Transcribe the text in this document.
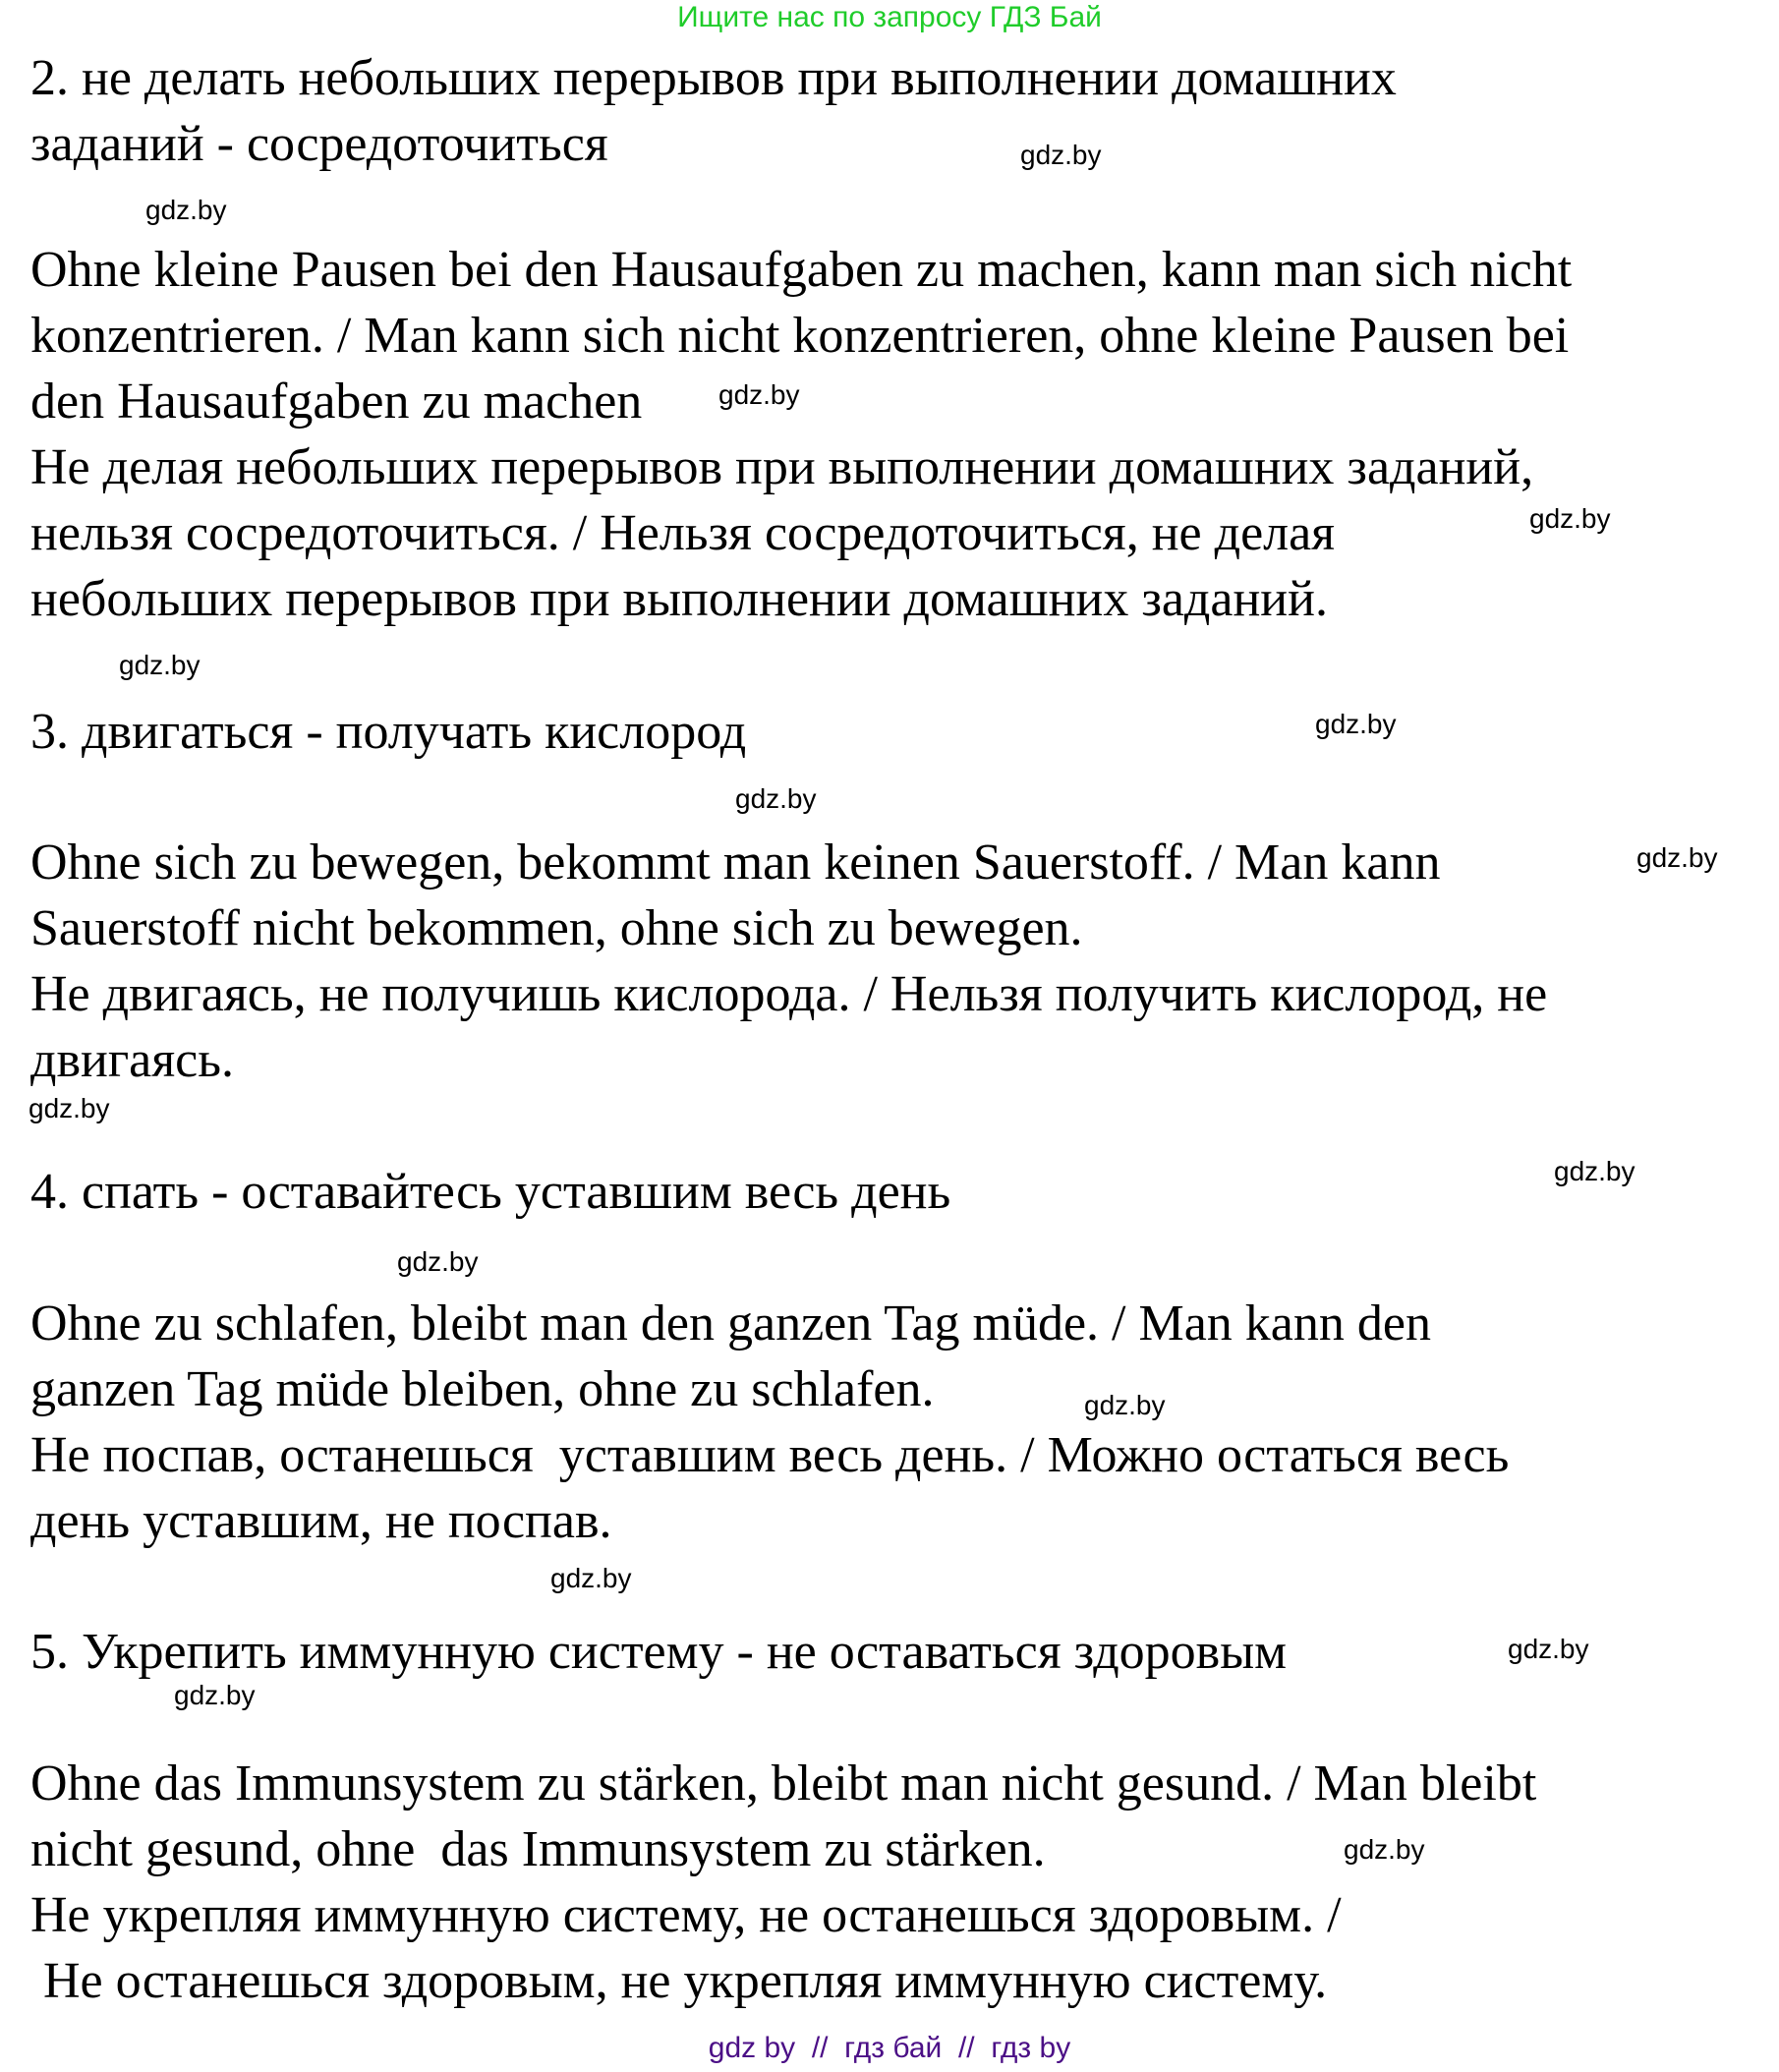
Ищите нас по запросу ГДЗ Бай
2. не делать небольших перерывов при выполнении домашних
заданий - сосредоточиться	gdz.by
gdz.by
Ohne kleine Pausen bei den Hausaufgaben zu machen, kann man sich nicht
konzentrieren. / Man kann sich nicht konzentrieren, ohne kleine Pausen bei
den Hausaufgaben zu machen	gdz.by
Не делая небольших перерывов при выполнении домашних заданий,
нельзя сосредоточиться. / Нельзя сосредоточиться, не делая	gdz.by
небольших перерывов при выполнении домашних заданий.
gdz.by
gdz.by
3. двигаться - получать кислород
gdz.by
Ohne sich zu bewegen, bekommt man keinen Sauerstoff. / Man kann	gdz.by
Sauerstoff nicht bekommen, ohne sich zu bewegen.
Не двигаясь, не получишь кислорода. / Нельзя получить кислород, не
двигаясь.
gdz.by
gdz.by
4. спать - оставайтесь уставшим весь день
gdz.by
Ohne zu schlafen, bleibt man den ganzen Tag müde. / Man kann den
ganzen Tag müde bleiben, ohne zu schlafen.	gdz.by
Не поспав, останешься  уставшим весь день. / Можно остаться весь
день уставшим, не поспав.
gdz.by
5. Укрепить иммунную систему - не оставаться здоровым	gdz.by
gdz.by
Ohne das Immunsystem zu stärken, bleibt man nicht gesund. / Man bleibt
nicht gesund, ohne  das Immunsystem zu stärken.	gdz.by
Не укрепляя иммунную систему, не останешься здоровым. /
Не останешься здоровым, не укрепляя иммунную систему.
gdz by  //  гдз бай  //  гдз by
